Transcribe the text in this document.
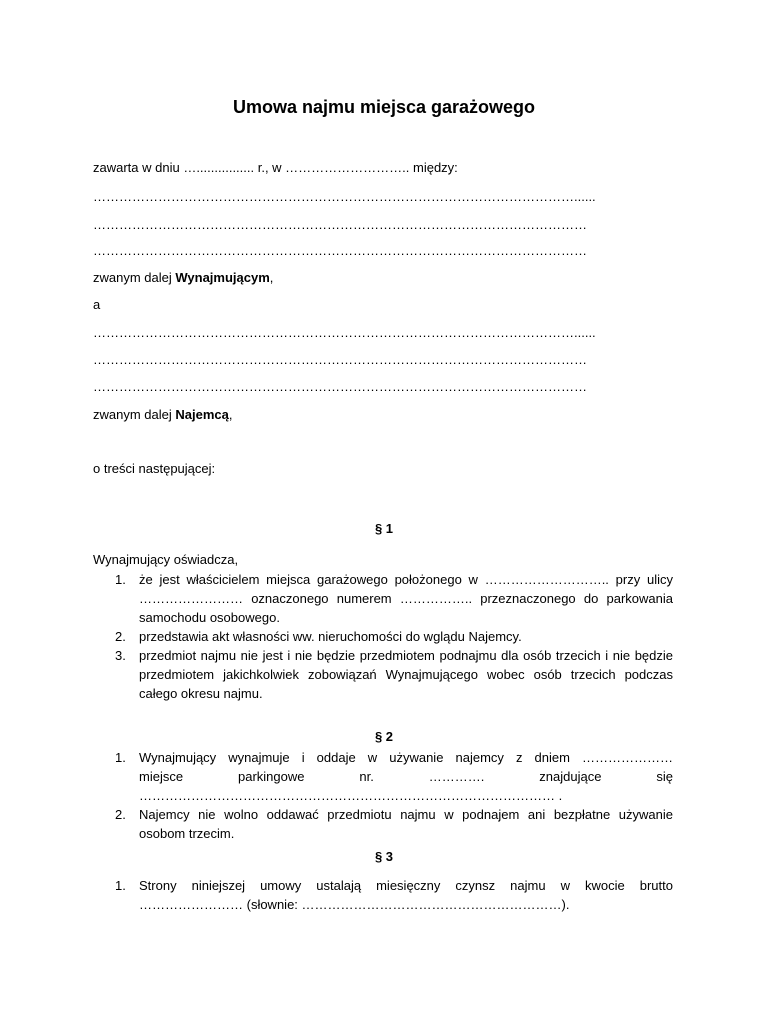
Umowa najmu miejsca garażowego
zawarta w dniu …................ r., w ……………………….. między:
…………………………………………………………………………………………………......
……………………………………………………………………………………………………
……………………………………………………………………………………………………
zwanym dalej Wynajmującym,
a
…………………………………………………………………………………………………......
……………………………………………………………………………………………………
……………………………………………………………………………………………………
zwanym dalej Najemcą,
o treści następującej:
§ 1
Wynajmujący oświadcza,
1. że jest właścicielem miejsca garażowego położonego w ……………………….. przy ulicy …………………… oznaczonego numerem …………….. przeznaczonego do parkowania samochodu osobowego.
2. przedstawia akt własności ww. nieruchomości do wglądu Najemcy.
3. przedmiot najmu nie jest i nie będzie przedmiotem podnajmu dla osób trzecich i nie będzie przedmiotem jakichkolwiek zobowiązań Wynajmującego wobec osób trzecich podczas całego okresu najmu.
§ 2
1. Wynajmujący wynajmuje i oddaje w używanie najemcy z dniem …………………
miejsce parkingowe nr. …………. znajdujące się
…………………………………………………………………………………… .
2. Najemcy nie wolno oddawać przedmiotu najmu w podnajem ani bezpłatne używanie osobom trzecim.
§ 3
1. Strony niniejszej umowy ustalają miesięczny czynsz najmu w kwocie brutto …………………… (słownie: ……………………………………………………).
